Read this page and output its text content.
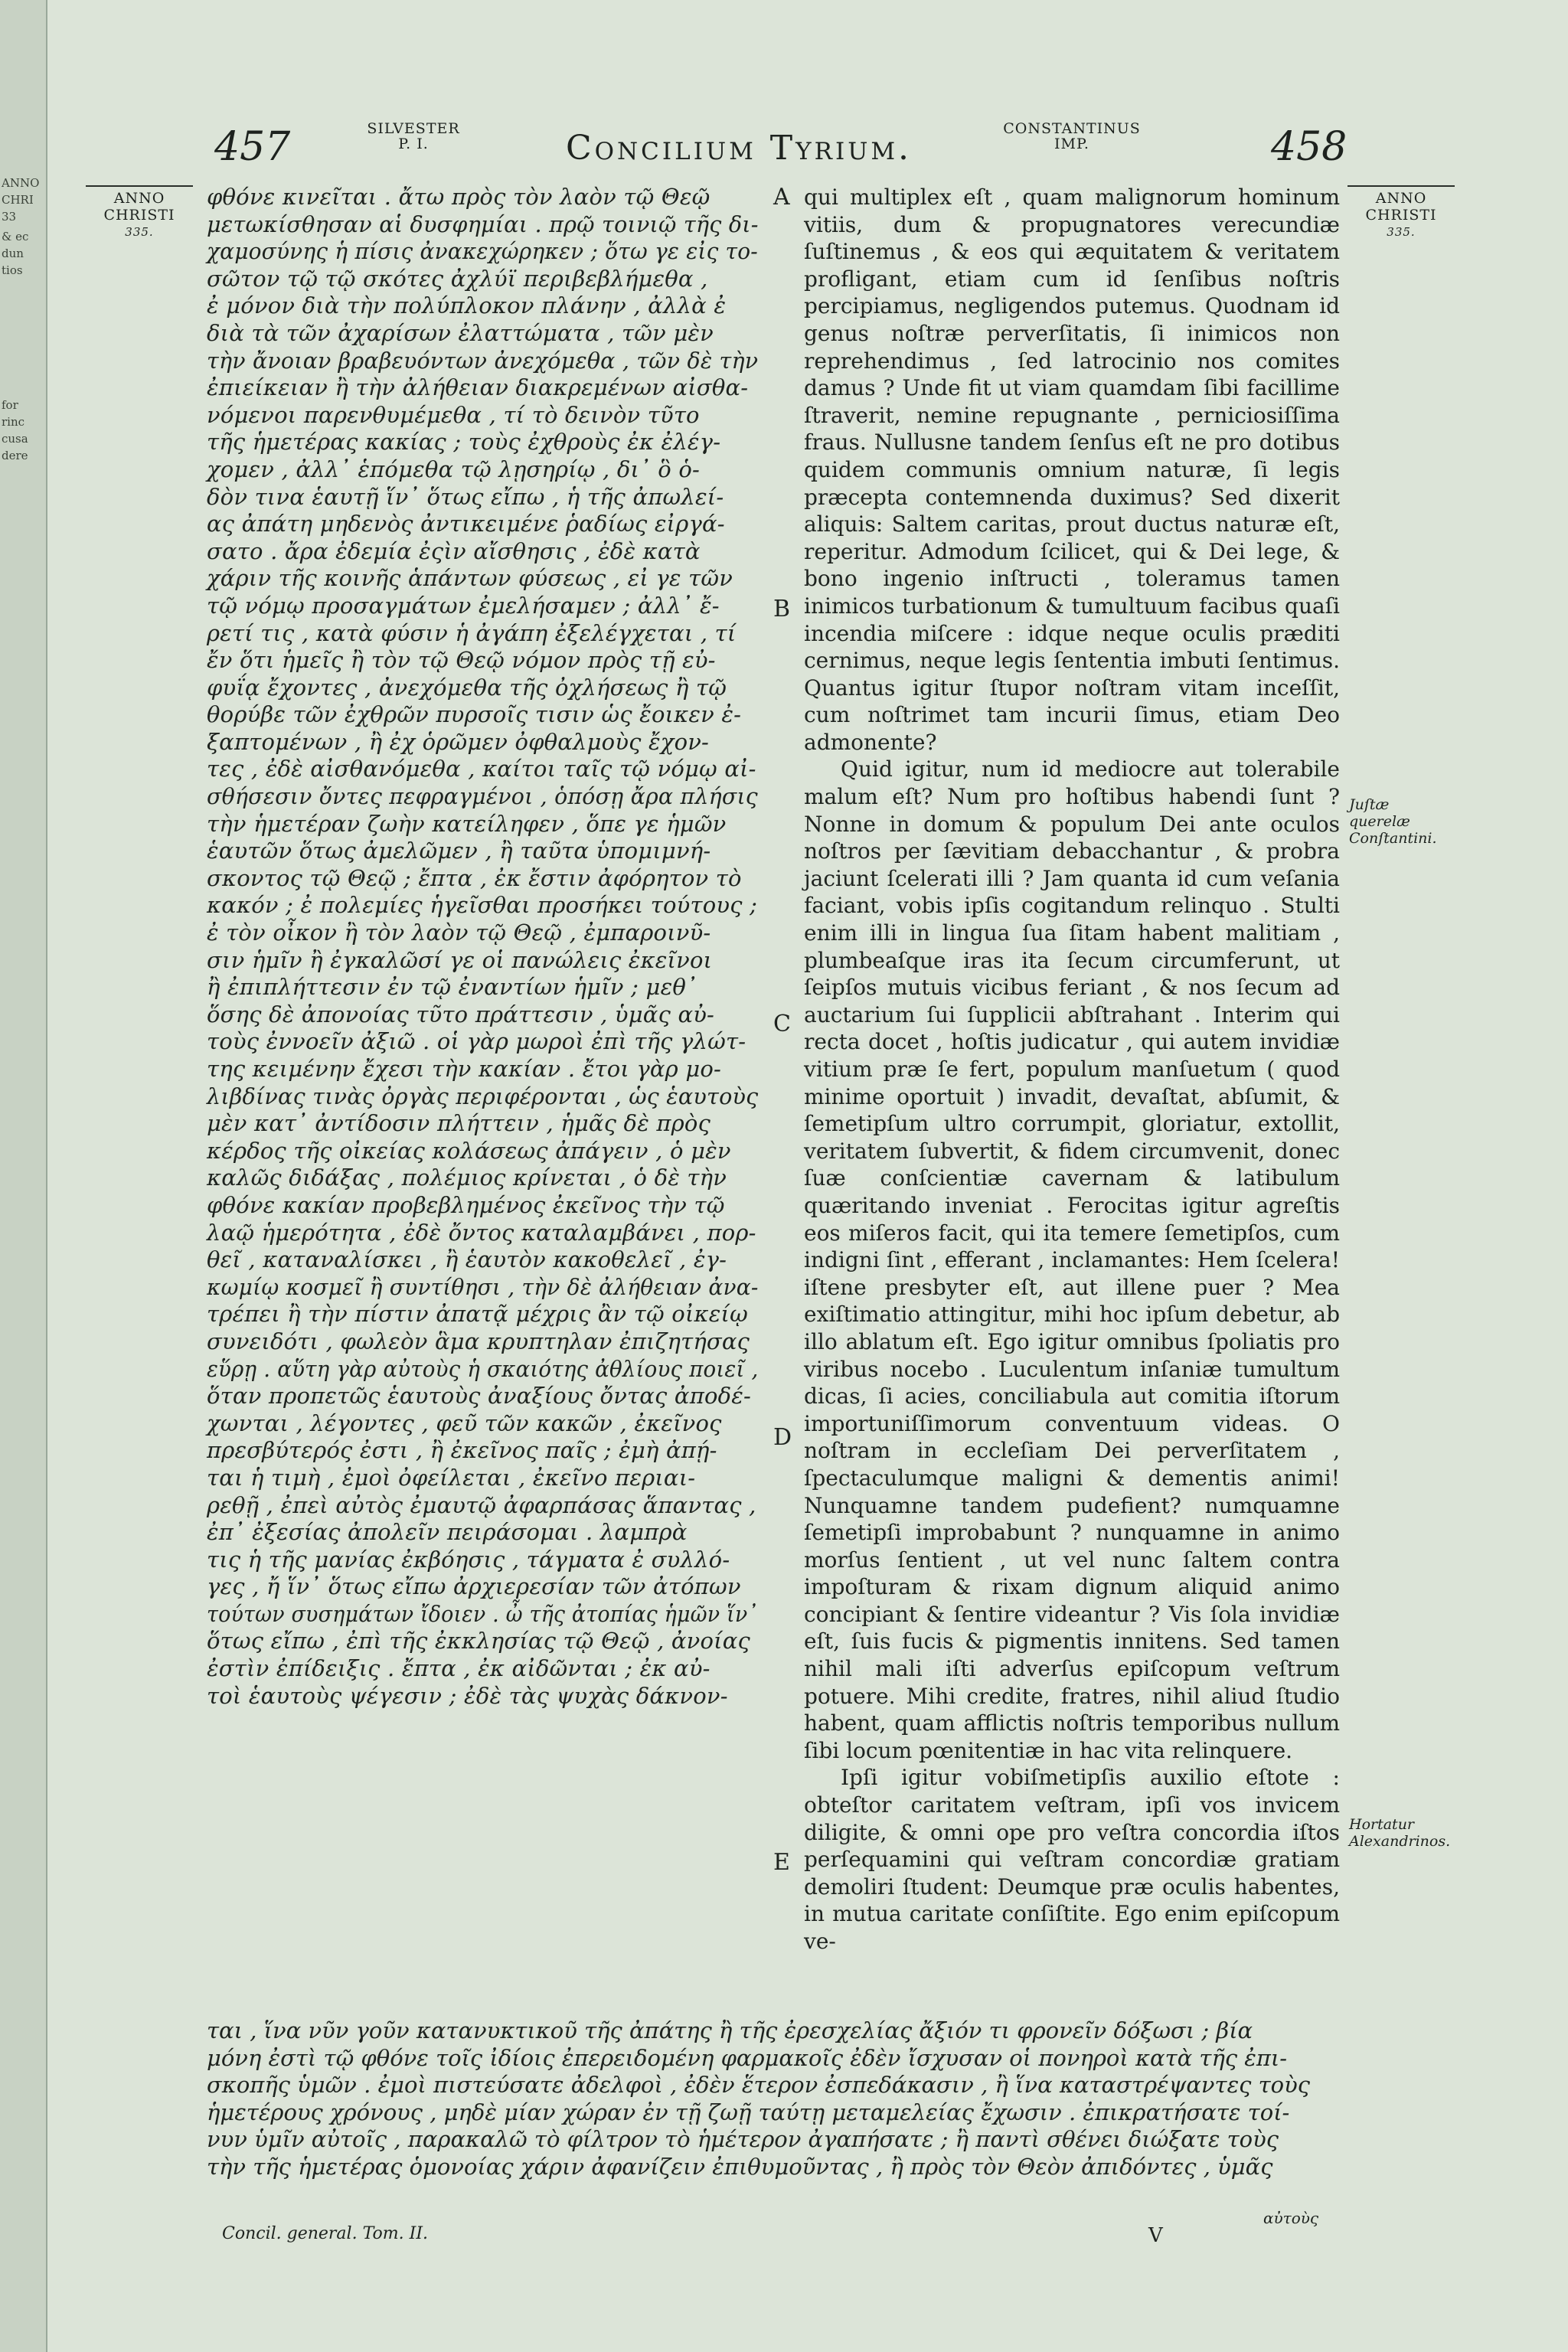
ANNO
CHRI
33
& ec
dun
tios
for
rinc
cusa
dere
457	SILVESTER
P. I.	Concilium Tyrium.	CONSTANTINUS
IMP.	458
ANNO
CHRISTI
335.
ANNO
CHRISTI
335.

φθόνε κινεῖται . ἄτω πρὸς τὸν λαὸν τῷ Θεῷ

μετωκίσθησαν αἱ δυσφημίαι . πρῷ τοινιῷ τῆς δι-

χαμοσύνης ἡ πίσις ἀνακεχώρηκεν ; ὅτω γε εἰς το-

σῶτον τῷ τῷ σκότες ἀχλύϊ περιβεβλήμεθα ,

ἐ μόνον διὰ τὴν πολύπλοκον πλάνην , ἀλλὰ ἐ

διὰ τὰ τῶν ἀχαρίσων ἐλαττώματα , τῶν μὲν

τὴν ἄνοιαν βραβευόντων ἀνεχόμεθα , τῶν δὲ τὴν

ἐπιείκειαν ἢ τὴν ἀλήθειαν διακρεμένων αἰσθα-

νόμενοι παρενθυμέμεθα , τί τὸ δεινὸν τῦτο

τῆς ἡμετέρας κακίας ; τοὺς ἐχθροὺς ἐκ ἐλέγ-

χομεν , ἀλλ᾽ ἑπόμεθα τῷ λῃσηρίῳ , δι᾽ ὃ ὁ-

δὸν τινα ἑαυτῇ ἵν᾽ ὅτως εἴπω , ἡ τῆς ἀπωλεί-

ας ἀπάτη μηδενὸς ἀντικειμένε ῥαδίως εἰργά-

σατο . ἄρα ἐδεμία ἐςὶν αἴσθησις , ἐδὲ κατὰ

χάριν τῆς κοινῆς ἁπάντων φύσεως , εἰ γε τῶν

τῷ νόμῳ προσαγμάτων ἐμελήσαμεν ; ἀλλ᾽ ἔ-

ρετί τις , κατὰ φύσιν ἡ ἀγάπη ἐξελέγχεται , τί

ἔν ὅτι ἡμεῖς ἢ τὸν τῷ Θεῷ νόμον πρὸς τῇ εὐ-

φυΐᾳ ἔχοντες , ἀνεχόμεθα τῆς ὀχλήσεως ἢ τῷ

θορύβε τῶν ἐχθρῶν πυρσοῖς τισιν ὡς ἔοικεν ἐ-

ξαπτομένων , ἢ ἐχ ὁρῶμεν ὀφθαλμοὺς ἔχον-

τες , ἐδὲ αἰσθανόμεθα , καίτοι ταῖς τῷ νόμῳ αἰ-

σθήσεσιν ὄντες πεφραγμένοι , ὁπόσῃ ἄρα πλήσις

τὴν ἡμετέραν ζωὴν κατείληφεν , ὅπε γε ἡμῶν

ἑαυτῶν ὅτως ἀμελῶμεν , ἢ ταῦτα ὑπομιμνή-

σκοντος τῷ Θεῷ ; ἔπτα , ἐκ ἔστιν ἀφόρητον τὸ

κακόν ; ἐ πολεμίες ἡγεῖσθαι προσήκει τούτους ;

ἐ τὸν οἶκον ἢ τὸν λαὸν τῷ Θεῷ , ἐμπαροινῦ-

σιν ἡμῖν ἢ ἐγκαλῶσί γε οἱ πανώλεις ἐκεῖνοι

ἢ ἐπιπλήττεσιν ἐν τῷ ἐναντίων ἡμῖν ; μεθ᾽

ὅσης δὲ ἀπονοίας τῦτο πράττεσιν , ὑμᾶς αὐ-

τοὺς ἐννοεῖν ἀξιῶ . οἱ γὰρ μωροὶ ἐπὶ τῆς γλώτ-

της κειμένην ἔχεσι τὴν κακίαν . ἔτοι γὰρ μο-

λιβδίνας τινὰς ὀργὰς περιφέρονται , ὡς ἑαυτοὺς

μὲν κατ᾽ ἀντίδοσιν πλήττειν , ἡμᾶς δὲ πρὸς

κέρδος τῆς οἰκείας κολάσεως ἀπάγειν , ὁ μὲν

καλῶς διδάξας , πολέμιος κρίνεται , ὁ δὲ τὴν

φθόνε κακίαν προβεβλημένος ἐκεῖνος τὴν τῷ

λαῷ ἡμερότητα , ἐδὲ ὄντος καταλαμβάνει , πορ-

θεῖ , καταναλίσκει , ἢ ἑαυτὸν κακοθελεῖ , ἐγ-

κωμίῳ κοσμεῖ ἢ συντίθησι , τὴν δὲ ἀλήθειαν ἀνα-

τρέπει ἢ τὴν πίστιν ἀπατᾷ μέχρις ἂν τῷ οἰκείῳ

συνειδότι , φωλεὸν ἃμα κρυπτηλαν ἐπιζητήσας

εὕρῃ . αὕτη γὰρ αὐτοὺς ἡ σκαιότης ἀθλίους ποιεῖ ,

ὅταν προπετῶς ἑαυτοὺς ἀναξίους ὄντας ἀποδέ-

χωνται , λέγοντες , φεῦ τῶν κακῶν , ἐκεῖνος

πρεσβύτερός ἐστι , ἢ ἐκεῖνος παῖς ; ἐμὴ ἀπῄ-

ται ἡ τιμὴ , ἐμοὶ ὀφείλεται , ἐκεῖνο περιαι-

ρεθῇ , ἐπεὶ αὐτὸς ἐμαυτῷ ἀφαρπάσας ἅπαντας ,

ἐπ᾽ ἐξεσίας ἀπολεῖν πειράσομαι . λαμπρὰ

τις ἡ τῆς μανίας ἐκβόησις , τάγματα ἐ συλλό-

γες , ἤ ἵν᾽ ὅτως εἴπω ἀρχιερεσίαν τῶν ἀτόπων

τούτων συσημάτων ἴδοιεν . ὦ τῆς ἀτοπίας ἡμῶν ἵν᾽

ὅτως εἴπω , ἐπὶ τῆς ἐκκλησίας τῷ Θεῷ , ἀνοίας

ἐστὶν ἐπίδειξις . ἔπτα , ἐκ αἰδῶνται ; ἐκ αὐ-

τοὶ ἑαυτοὺς ψέγεσιν ; ἐδὲ τὰς ψυχὰς δάκνον-

A
B
C
D
E

qui multiplex eſt , quam malignorum hominum vitiis, dum & propugnatores verecundiæ ſuſtinemus , & eos qui æquitatem & veritatem profligant, etiam cum id ſenſibus noſtris percipiamus, negligendos putemus. Quodnam id genus noſtræ perverſitatis, ſi inimicos non reprehendimus , ſed latrocinio nos comites damus ? Unde fit ut viam quamdam ſibi facillime ſtraverit, nemine repugnante , perniciosiſſima fraus. Nullusne tandem ſenſus eſt ne pro dotibus quidem communis omnium naturæ, ſi legis præcepta contemnenda duximus? Sed dixerit aliquis: Saltem caritas, prout ductus naturæ eſt, reperitur. Admodum ſcilicet, qui & Dei lege, & bono ingenio inſtructi , toleramus tamen inimicos turbationum & tumultuum facibus quaſi incendia miſcere : idque neque oculis præditi cernimus, neque legis ſententia imbuti ſentimus. Quantus igitur ſtupor noſtram vitam inceſſit, cum noſtrimet tam incurii ſimus, etiam Deo admonente?

Quid igitur, num id mediocre aut tolerabile malum eſt? Num pro hoſtibus habendi ſunt ? Nonne in domum & populum Dei ante oculos noſtros per ſævitiam debacchantur , & probra jaciunt ſcelerati illi ? Jam quanta id cum veſania faciant, vobis ipſis cogitandum relinquo . Stulti enim illi in lingua ſua ſitam habent malitiam , plumbeaſque iras ita ſecum circumferunt, ut ſeipſos mutuis vicibus feriant , & nos ſecum ad auctarium ſui ſupplicii abſtrahant . Interim qui recta docet , hoſtis judicatur , qui autem invidiæ vitium præ ſe fert, populum manſuetum ( quod minime oportuit ) invadit, devaſtat, abſumit, & ſemetipſum ultro corrumpit, gloriatur, extollit, veritatem ſubvertit, & fidem circumvenit, donec ſuæ conſcientiæ cavernam & latibulum quæritando inveniat . Ferocitas igitur agreſtis eos miſeros facit, qui ita temere ſemetipſos, cum indigni ſint , efferant , inclamantes: Hem ſcelera! iſtene presbyter eſt, aut illene puer ? Mea exiſtimatio attingitur, mihi hoc ipſum debetur, ab illo ablatum eſt. Ego igitur omnibus ſpoliatis pro viribus nocebo . Luculentum inſaniæ tumultum dicas, ſi acies, conciliabula aut comitia iſtorum importuniſſimorum conventuum videas. O noſtram in eccleſiam Dei perverſitatem , ſpectaculumque maligni & dementis animi! Nunquamne tandem pudefient? numquamne ſemetipſi improbabunt ? nunquamne in animo morſus ſentient , ut vel nunc ſaltem contra impoſturam & rixam dignum aliquid animo concipiant & ſentire videantur ? Vis ſola invidiæ eſt, ſuis fucis & pigmentis innitens. Sed tamen nihil mali iſti adverſus epiſcopum veſtrum potuere. Mihi credite, fratres, nihil aliud ſtudio habent, quam afflictis noſtris temporibus nullum ſibi locum pœnitentiæ in hac vita relinquere.

Ipſi igitur vobiſmetipſis auxilio eſtote : obteſtor caritatem veſtram, ipſi vos invicem diligite, & omni ope pro veſtra concordia iſtos perſequamini qui veſtram concordiæ gratiam demoliri ſtudent: Deumque præ oculis habentes, in mutua caritate conſiſtite. Ego enim epiſcopum ve-

Juſtæ querelæ Conſtantini.
Hortatur Alexandrinos.

ται , ἵνα νῦν γοῦν κατανυκτικοῦ τῆς ἀπάτης ἢ τῆς ἐρεσχελίας ἄξιόν τι φρονεῖν δόξωσι ; βία

μόνη ἐστὶ τῷ φθόνε τοῖς ἰδίοις ἐπερειδομένη φαρμακοῖς ἐδὲν ἴσχυσαν οἱ πονηροὶ κατὰ τῆς ἐπι-

σκοπῆς ὑμῶν . ἐμοὶ πιστεύσατε ἀδελφοὶ , ἐδὲν ἕτερον ἐσπεδάκασιν , ἢ ἵνα καταστρέψαντες τοὺς

ἡμετέρους χρόνους , μηδὲ μίαν χώραν ἐν τῇ ζωῇ ταύτῃ μεταμελείας ἔχωσιν . ἐπικρατήσατε τοί-

νυν ὑμῖν αὐτοῖς , παρακαλῶ τὸ φίλτρον τὸ ἡμέτερον ἀγαπήσατε ; ἢ παντὶ σθένει διώξατε τοὺς

τὴν τῆς ἡμετέρας ὁμονοίας χάριν ἀφανίζειν ἐπιθυμοῦντας , ἢ πρὸς τὸν Θεὸν ἀπιδόντες , ὑμᾶς

Concil. general. Tom. II.	V
αὐτοὺς
